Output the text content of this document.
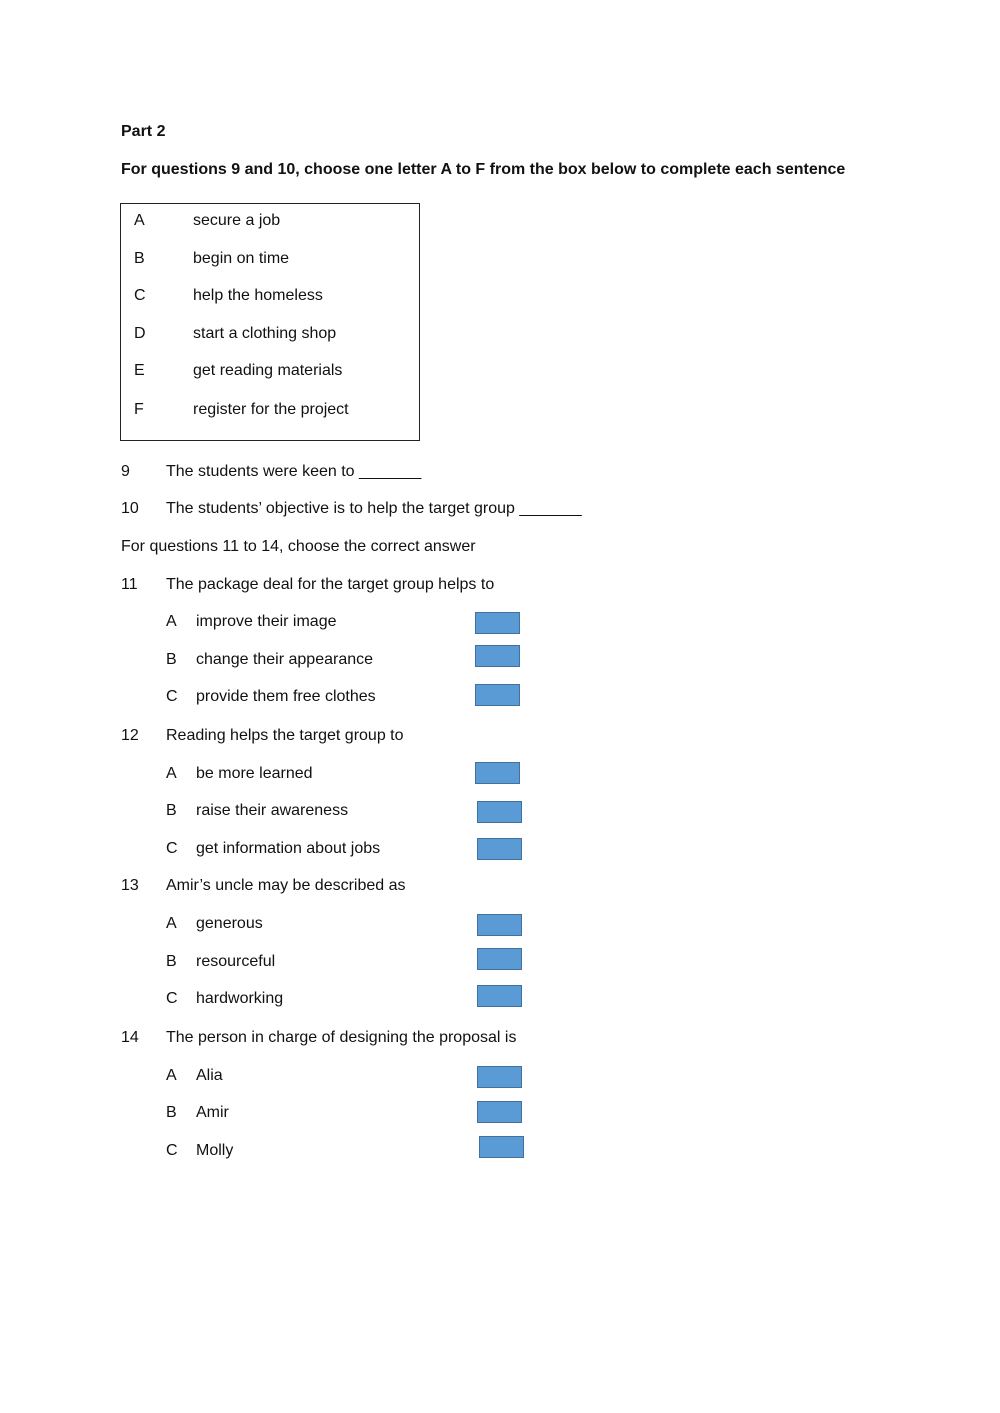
Part 2
For questions 9 and 10, choose one letter A to F from the box below to complete each sentence
A	secure a job
B	begin on time
C	help the homeless
D	start a clothing shop
E	get reading materials
F	register for the project
9 The students were keen to _______
10 The students’ objective is to help the target group _______
For questions 11 to 14, choose the correct answer
11 The package deal for the target group helps to
A improve their image
B change their appearance
C provide them free clothes
12 Reading helps the target group to
A be more learned
B raise their awareness
C get information about jobs
13 Amir’s uncle may be described as
A generous
B resourceful
C hardworking
14 The person in charge of designing the proposal is
A Alia
B Amir
C Molly
